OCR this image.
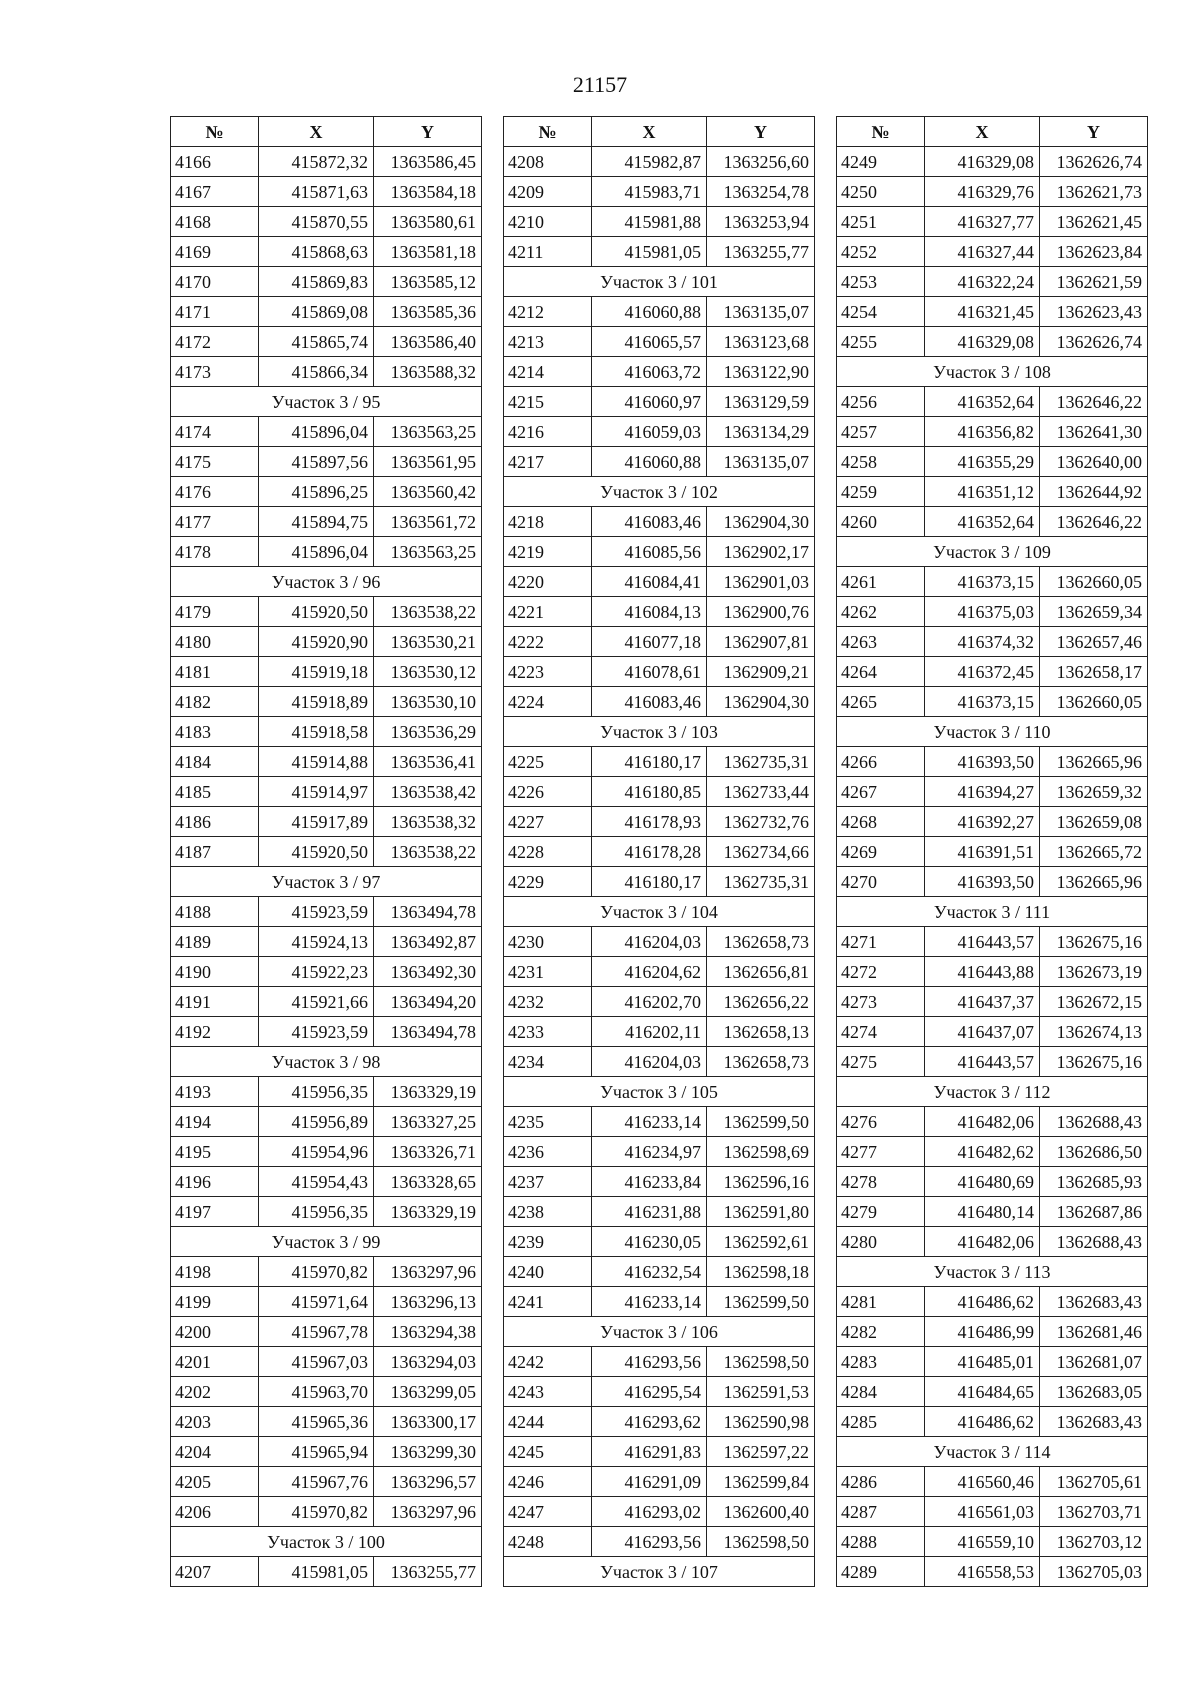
21157
№	X	Y
4166	415872,32	1363586,45
4167	415871,63	1363584,18
4168	415870,55	1363580,61
4169	415868,63	1363581,18
4170	415869,83	1363585,12
4171	415869,08	1363585,36
4172	415865,74	1363586,40
4173	415866,34	1363588,32
Участок 3 / 95		
4174	415896,04	1363563,25
4175	415897,56	1363561,95
4176	415896,25	1363560,42
4177	415894,75	1363561,72
4178	415896,04	1363563,25
Участок 3 / 96		
4179	415920,50	1363538,22
4180	415920,90	1363530,21
4181	415919,18	1363530,12
4182	415918,89	1363530,10
4183	415918,58	1363536,29
4184	415914,88	1363536,41
4185	415914,97	1363538,42
4186	415917,89	1363538,32
4187	415920,50	1363538,22
Участок 3 / 97		
4188	415923,59	1363494,78
4189	415924,13	1363492,87
4190	415922,23	1363492,30
4191	415921,66	1363494,20
4192	415923,59	1363494,78
Участок 3 / 98		
4193	415956,35	1363329,19
4194	415956,89	1363327,25
4195	415954,96	1363326,71
4196	415954,43	1363328,65
4197	415956,35	1363329,19
Участок 3 / 99		
4198	415970,82	1363297,96
4199	415971,64	1363296,13
4200	415967,78	1363294,38
4201	415967,03	1363294,03
4202	415963,70	1363299,05
4203	415965,36	1363300,17
4204	415965,94	1363299,30
4205	415967,76	1363296,57
4206	415970,82	1363297,96
Участок 3 / 100		
4207	415981,05	1363255,77
№	X	Y
4208	415982,87	1363256,60
4209	415983,71	1363254,78
4210	415981,88	1363253,94
4211	415981,05	1363255,77
Участок 3 / 101		
4212	416060,88	1363135,07
4213	416065,57	1363123,68
4214	416063,72	1363122,90
4215	416060,97	1363129,59
4216	416059,03	1363134,29
4217	416060,88	1363135,07
Участок 3 / 102		
4218	416083,46	1362904,30
4219	416085,56	1362902,17
4220	416084,41	1362901,03
4221	416084,13	1362900,76
4222	416077,18	1362907,81
4223	416078,61	1362909,21
4224	416083,46	1362904,30
Участок 3 / 103		
4225	416180,17	1362735,31
4226	416180,85	1362733,44
4227	416178,93	1362732,76
4228	416178,28	1362734,66
4229	416180,17	1362735,31
Участок 3 / 104		
4230	416204,03	1362658,73
4231	416204,62	1362656,81
4232	416202,70	1362656,22
4233	416202,11	1362658,13
4234	416204,03	1362658,73
Участок 3 / 105		
4235	416233,14	1362599,50
4236	416234,97	1362598,69
4237	416233,84	1362596,16
4238	416231,88	1362591,80
4239	416230,05	1362592,61
4240	416232,54	1362598,18
4241	416233,14	1362599,50
Участок 3 / 106		
4242	416293,56	1362598,50
4243	416295,54	1362591,53
4244	416293,62	1362590,98
4245	416291,83	1362597,22
4246	416291,09	1362599,84
4247	416293,02	1362600,40
4248	416293,56	1362598,50
Участок 3 / 107		
№	X	Y
4249	416329,08	1362626,74
4250	416329,76	1362621,73
4251	416327,77	1362621,45
4252	416327,44	1362623,84
4253	416322,24	1362621,59
4254	416321,45	1362623,43
4255	416329,08	1362626,74
Участок 3 / 108		
4256	416352,64	1362646,22
4257	416356,82	1362641,30
4258	416355,29	1362640,00
4259	416351,12	1362644,92
4260	416352,64	1362646,22
Участок 3 / 109		
4261	416373,15	1362660,05
4262	416375,03	1362659,34
4263	416374,32	1362657,46
4264	416372,45	1362658,17
4265	416373,15	1362660,05
Участок 3 / 110		
4266	416393,50	1362665,96
4267	416394,27	1362659,32
4268	416392,27	1362659,08
4269	416391,51	1362665,72
4270	416393,50	1362665,96
Участок 3 / 111		
4271	416443,57	1362675,16
4272	416443,88	1362673,19
4273	416437,37	1362672,15
4274	416437,07	1362674,13
4275	416443,57	1362675,16
Участок 3 / 112		
4276	416482,06	1362688,43
4277	416482,62	1362686,50
4278	416480,69	1362685,93
4279	416480,14	1362687,86
4280	416482,06	1362688,43
Участок 3 / 113		
4281	416486,62	1362683,43
4282	416486,99	1362681,46
4283	416485,01	1362681,07
4284	416484,65	1362683,05
4285	416486,62	1362683,43
Участок 3 / 114		
4286	416560,46	1362705,61
4287	416561,03	1362703,71
4288	416559,10	1362703,12
4289	416558,53	1362705,03
